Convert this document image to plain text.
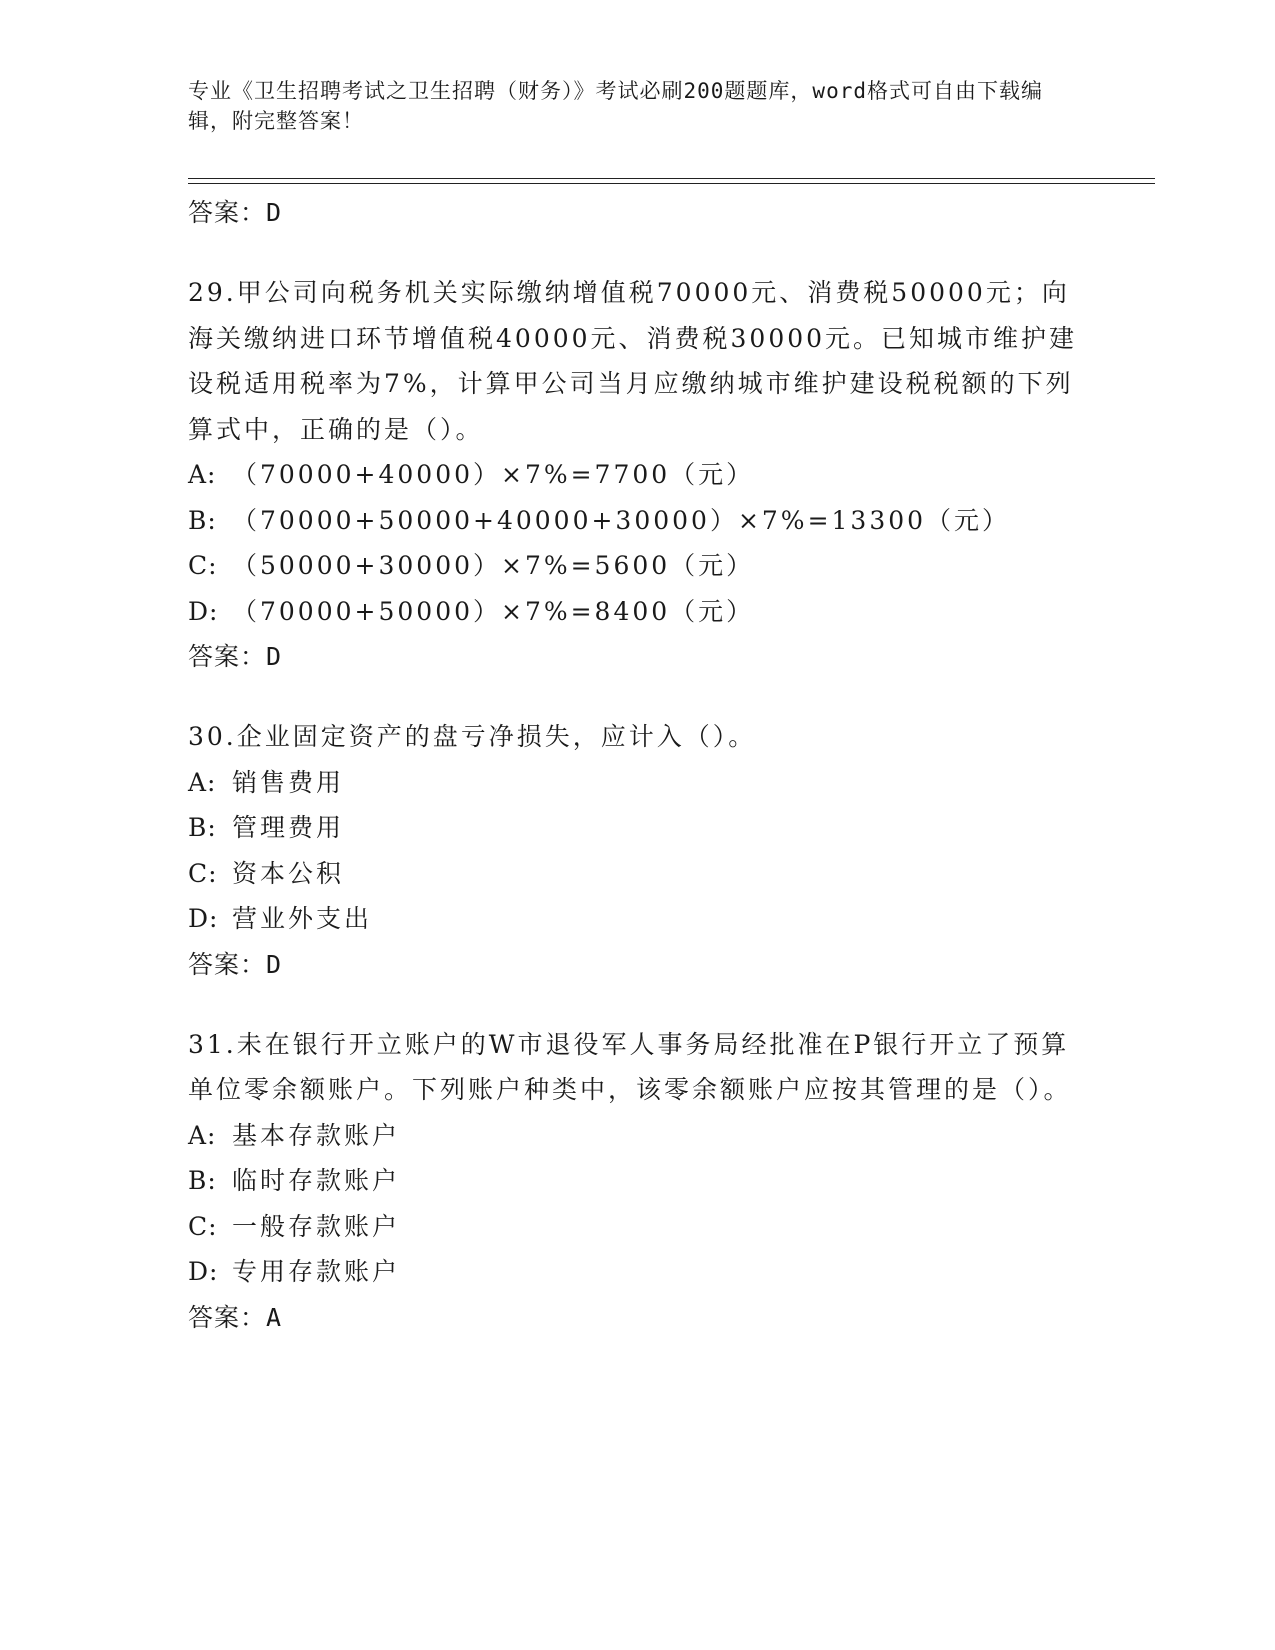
专业《卫生招聘考试之卫生招聘（财务）》考试必刷200题题库，word格式可自由下载编辑，附完整答案！
答案：D
29.甲公司向税务机关实际缴纳增值税70000元、消费税50000元；向海关缴纳进口环节增值税40000元、消费税30000元。已知城市维护建设税适用税率为7%，计算甲公司当月应缴纳城市维护建设税税额的下列算式中，正确的是（）。
A: （70000+40000）×7%=7700（元）
B: （70000+50000+40000+30000）×7%=13300（元）
C: （50000+30000）×7%=5600（元）
D: （70000+50000）×7%=8400（元）
答案：D
30.企业固定资产的盘亏净损失，应计入（）。
A: 销售费用
B: 管理费用
C: 资本公积
D: 营业外支出
答案：D
31.未在银行开立账户的W市退役军人事务局经批准在P银行开立了预算单位零余额账户。下列账户种类中，该零余额账户应按其管理的是（）。
A: 基本存款账户
B: 临时存款账户
C: 一般存款账户
D: 专用存款账户
答案：A
